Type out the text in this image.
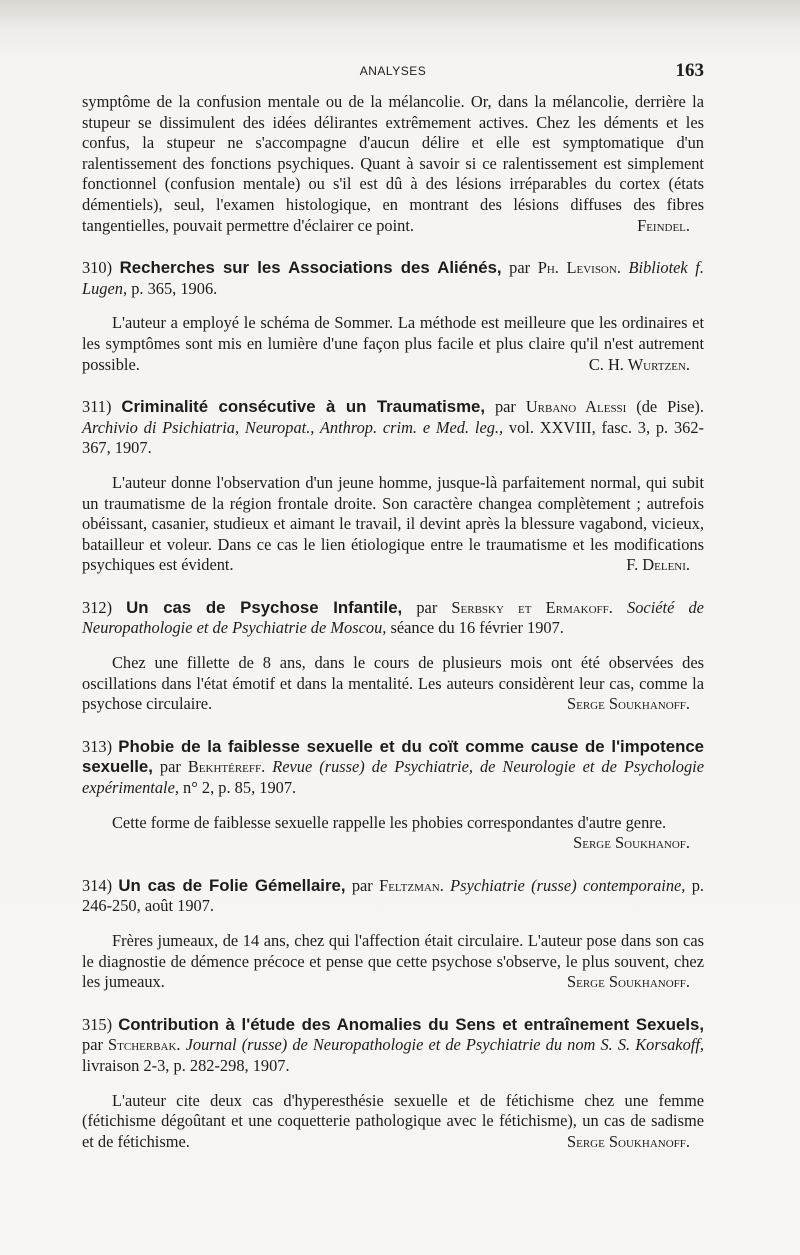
ANALYSES	163

symptôme de la confusion mentale ou de la mélancolie. Or, dans la mélancolie, derrière la stupeur se dissimulent des idées délirantes extrêmement actives. Chez les déments et les confus, la stupeur ne s'accompagne d'aucun délire et elle est symptomatique d'un ralentissement des fonctions psychiques. Quant à savoir si ce ralentissement est simplement fonctionnel (confusion mentale) ou s'il est dû à des lésions irréparables du cortex (états démentiels), seul, l'examen histologique, en montrant des lésions diffuses des fibres tangentielles, pouvait permettre d'éclairer ce point.	Feindel.

310) Recherches sur les Associations des Aliénés, par Ph. Levison. Bibliotek f. Lugen, p. 365, 1906.

L'auteur a employé le schéma de Sommer. La méthode est meilleure que les ordinaires et les symptômes sont mis en lumière d'une façon plus facile et plus claire qu'il n'est autrement possible.	C. H. Wurtzen.

311) Criminalité consécutive à un Traumatisme, par Urbano Alessi (de Pise). Archivio di Psichiatria, Neuropat., Anthrop. crim. e Med. leg., vol. XXVIII, fasc. 3, p. 362-367, 1907.

L'auteur donne l'observation d'un jeune homme, jusque-là parfaitement normal, qui subit un traumatisme de la région frontale droite. Son caractère changea complètement ; autrefois obéissant, casanier, studieux et aimant le travail, il devint après la blessure vagabond, vicieux, batailleur et voleur. Dans ce cas le lien étiologique entre le traumatisme et les modifications psychiques est évident.	F. Deleni.

312) Un cas de Psychose Infantile, par Serbsky et Ermakoff. Société de Neuropathologie et de Psychiatrie de Moscou, séance du 16 février 1907.

Chez une fillette de 8 ans, dans le cours de plusieurs mois ont été observées des oscillations dans l'état émotif et dans la mentalité. Les auteurs considèrent leur cas, comme la psychose circulaire.	Serge Soukhanoff.

313) Phobie de la faiblesse sexuelle et du coït comme cause de l'impotence sexuelle, par Bekhtéreff. Revue (russe) de Psychiatrie, de Neurologie et de Psychologie expérimentale, n° 2, p. 85, 1907.

Cette forme de faiblesse sexuelle rappelle les phobies correspondantes d'autre genre.
Serge Soukhanof.

314) Un cas de Folie Gémellaire, par Feltzman. Psychiatrie (russe) contemporaine, p. 246-250, août 1907.

Frères jumeaux, de 14 ans, chez qui l'affection était circulaire. L'auteur pose dans son cas le diagnostie de démence précoce et pense que cette psychose s'observe, le plus souvent, chez les jumeaux.	Serge Soukhanoff.

315) Contribution à l'étude des Anomalies du Sens et entraînement Sexuels, par Stcherbak. Journal (russe) de Neuropathologie et de Psychiatrie du nom S. S. Korsakoff, livraison 2-3, p. 282-298, 1907.

L'auteur cite deux cas d'hyperesthésie sexuelle et de fétichisme chez une femme (fétichisme dégoûtant et une coquetterie pathologique avec le fétichisme), un cas de sadisme et de fétichisme.	Serge Soukhanoff.
